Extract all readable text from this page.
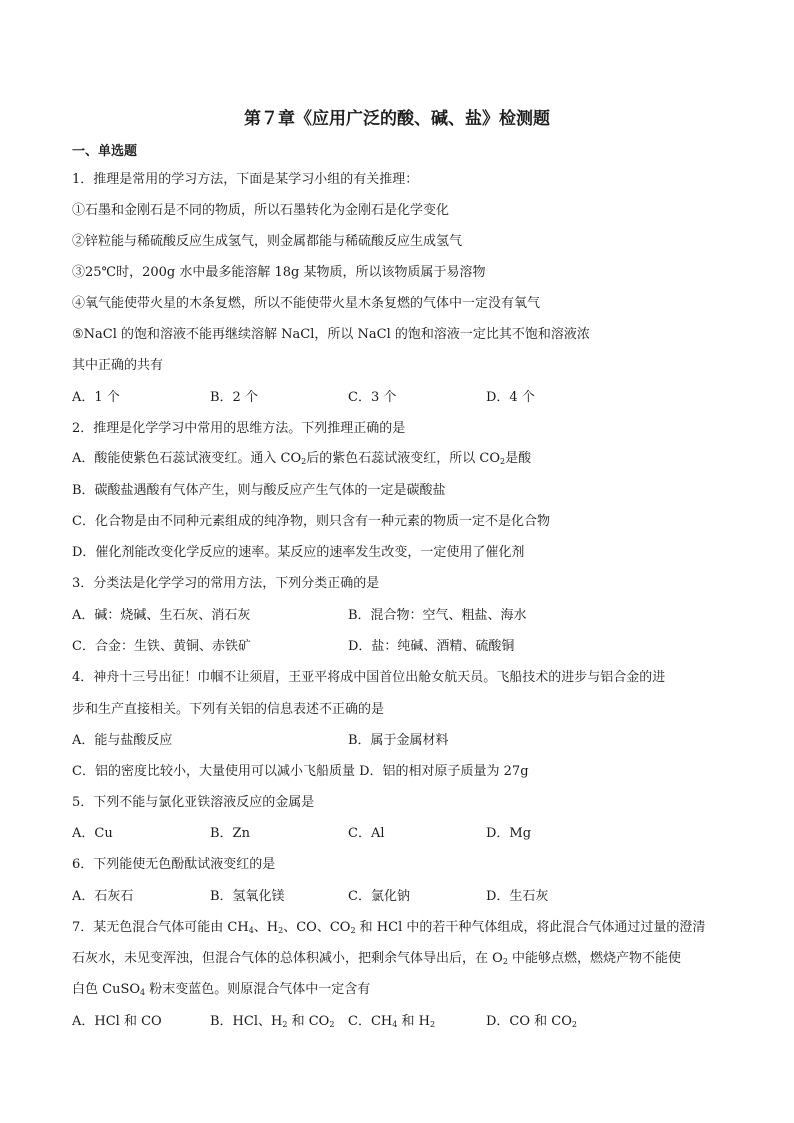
第７章《应用广泛的酸、碱、盐》检测题
一、单选题
1．推理是常用的学习方法，下面是某学习小组的有关推理：
①石墨和金刚石是不同的物质，所以石墨转化为金刚石是化学变化
②锌粒能与稀硫酸反应生成氢气，则金属都能与稀硫酸反应生成氢气
③25℃时，200g 水中最多能溶解 18g 某物质，所以该物质属于易溶物
④氧气能使带火星的木条复燃，所以不能使带火星木条复燃的气体中一定没有氧气
⑤NaCl 的饱和溶液不能再继续溶解 NaCl，所以 NaCl 的饱和溶液一定比其不饱和溶液浓
其中正确的共有
A．1 个	B．2 个	C．3 个	D．4 个
2．推理是化学学习中常用的思维方法。下列推理正确的是
A．酸能使紫色石蕊试液变红。通入 $CO_2$后的紫色石蕊试液变红，所以 $CO_2$是酸
B．碳酸盐遇酸有气体产生，则与酸反应产生气体的一定是碳酸盐
C．化合物是由不同种元素组成的纯净物，则只含有一种元素的物质一定不是化合物
D．催化剂能改变化学反应的速率。某反应的速率发生改变，一定使用了催化剂
3．分类法是化学学习的常用方法，下列分类正确的是
A．碱：烧碱、生石灰、消石灰	B．混合物：空气、粗盐、海水
C．合金：生铁、黄铜、赤铁矿	D．盐：纯碱、酒精、硫酸铜
4．神舟十三号出征！巾帼不让须眉，王亚平将成中国首位出舱女航天员。飞船技术的进步与铝合金的进
步和生产直接相关。下列有关铝的信息表述不正确的是
A．能与盐酸反应	B．属于金属材料
C．铝的密度比较小，大量使用可以减小飞船质量 D．铝的相对原子质量为 27g
5．下列不能与氯化亚铁溶液反应的金属是
A．Cu	B．Zn	C．Al	D．Mg
6．下列能使无色酚酞试液变红的是
A．石灰石	B．氢氧化镁	C．氯化钠	D．生石灰
7．某无色混合气体可能由 $CH_4$、$H_2$、CO、$CO_2$ 和 HCl 中的若干种气体组成，将此混合气体通过过量的澄清
石灰水，未见变浑浊，但混合气体的总体积减小，把剩余气体导出后，在 $O_2$ 中能够点燃，燃烧产物不能使
白色 CuSO$_4$ 粉末变蓝色。则原混合气体中一定含有
A．HCl 和 CO	B．HCl、$H_2$ 和 $CO_2$ C．$CH_4$ 和 $H_2$	D．CO 和 $CO_2$
